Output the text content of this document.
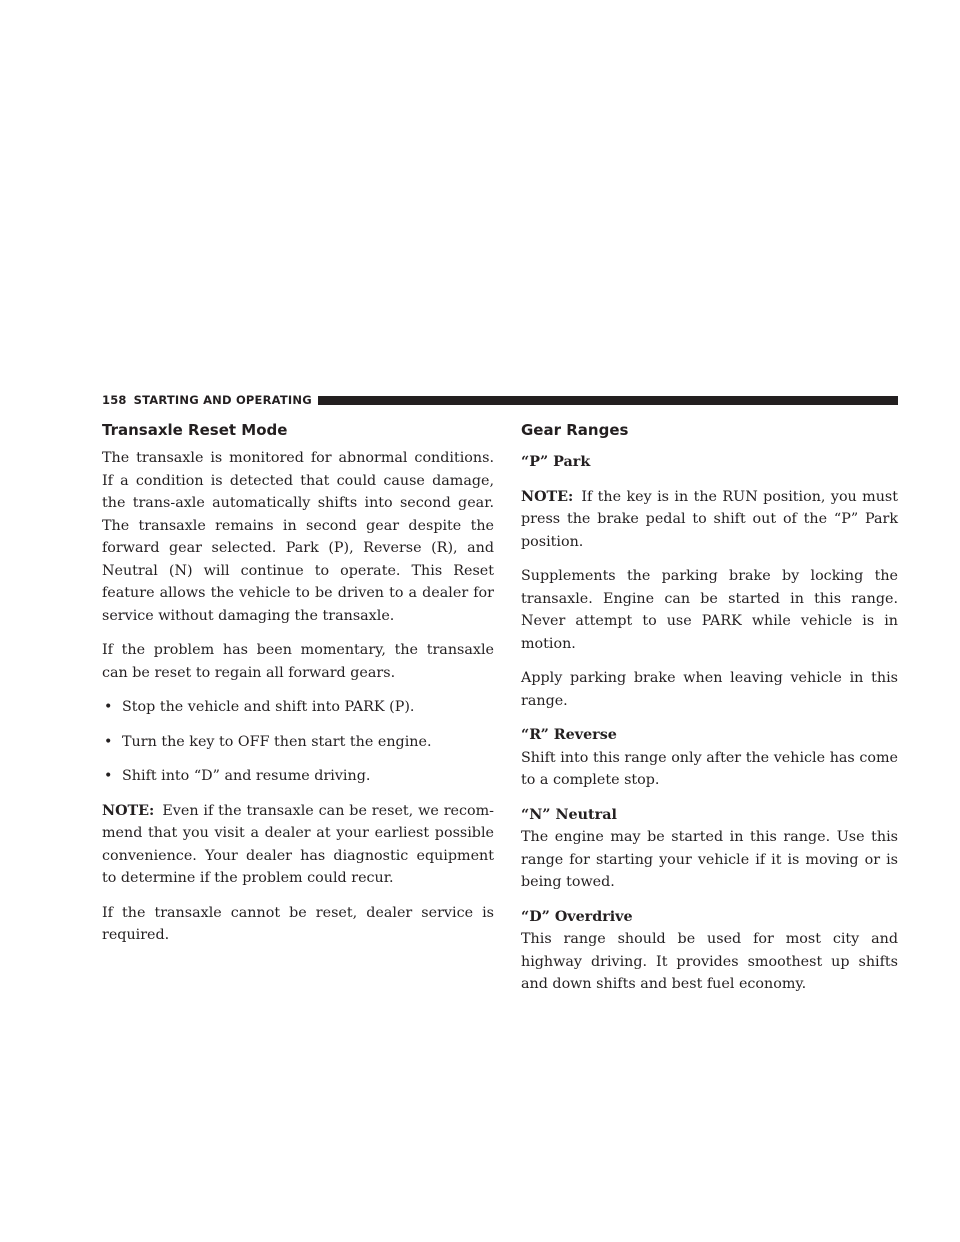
158 STARTING AND OPERATING
Transaxle Reset Mode

The transaxle is monitored for abnormal conditions. If a condition is detected that could cause damage, the trans-axle automatically shifts into second gear. The transaxle remains in second gear despite the forward gear selected. Park (P), Reverse (R), and Neutral (N) will continue to operate. This Reset feature allows the vehicle to be driven to a dealer for service without damaging the transaxle.

If the problem has been momentary, the transaxle can be reset to regain all forward gears.

• Stop the vehicle and shift into PARK (P).
• Turn the key to OFF then start the engine.
• Shift into “D” and resume driving.

NOTE: Even if the transaxle can be reset, we recom-mend that you visit a dealer at your earliest possible convenience. Your dealer has diagnostic equipment to determine if the problem could recur.

If the transaxle cannot be reset, dealer service is required.

Gear Ranges
“P” Park

NOTE: If the key is in the RUN position, you must press the brake pedal to shift out of the “P” Park position.

Supplements the parking brake by locking the transaxle. Engine can be started in this range. Never attempt to use PARK while vehicle is in motion.

Apply parking brake when leaving vehicle in this range.

“R” Reverse

Shift into this range only after the vehicle has come to a complete stop.

“N” Neutral

The engine may be started in this range. Use this range for starting your vehicle if it is moving or is being towed.

“D” Overdrive

This range should be used for most city and highway driving. It provides smoothest up shifts and down shifts and best fuel economy.
